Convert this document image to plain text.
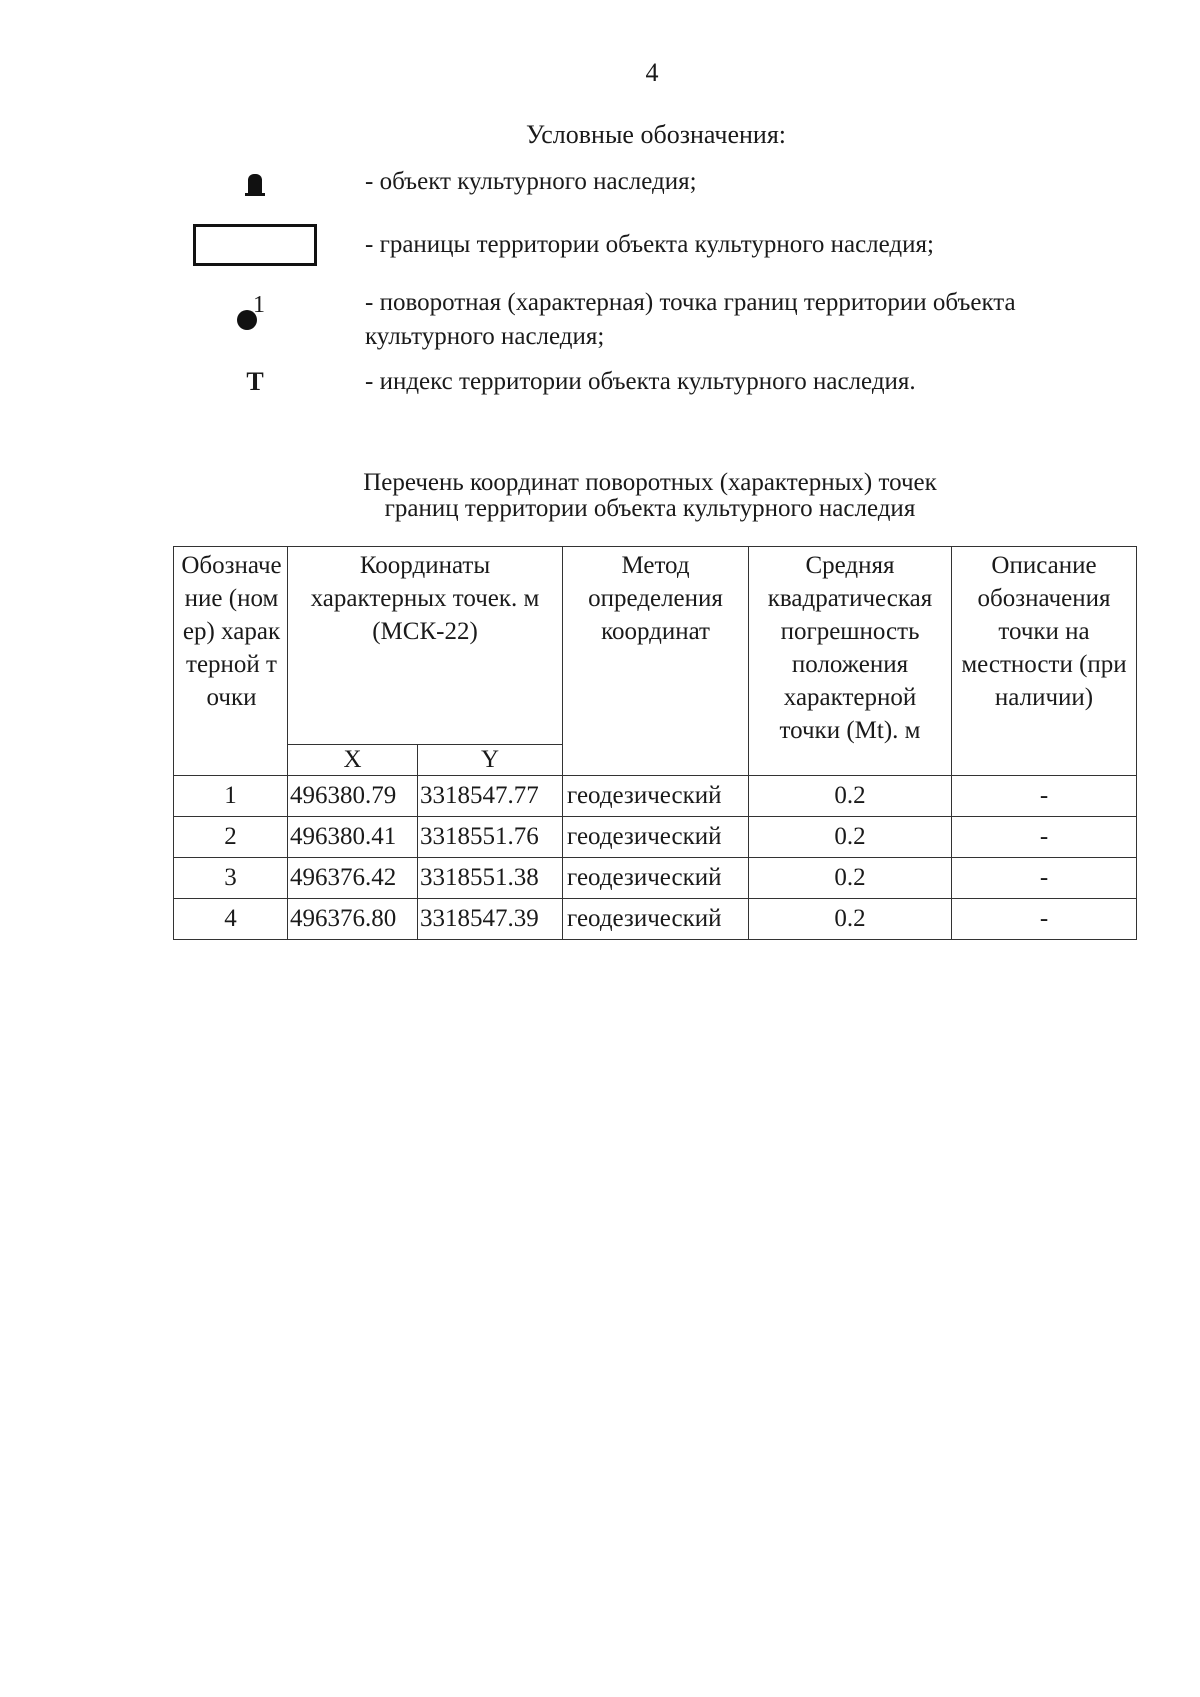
4
Условные обозначения:
- объект культурного наследия;
- границы территории объекта культурного наследия;
1	- поворотная (характерная) точка границ территории объекта культурного наследия;
Т	- индекс территории объекта культурного наследия.
Перечень координат поворотных (характерных) точек
границ территории объекта культурного наследия
Обозначение (номер) характерной точки	Координаты характерных точек. м (МСК-22)		Метод определения координат	Средняя квадратическая погрешность положения характерной точки (Mt). м	Описание обозначения точки на местности (при наличии)
	X	Y			
1	496380.79	3318547.77	геодезический	0.2	-
2	496380.41	3318551.76	геодезический	0.2	-
3	496376.42	3318551.38	геодезический	0.2	-
4	496376.80	3318547.39	геодезический	0.2	-
